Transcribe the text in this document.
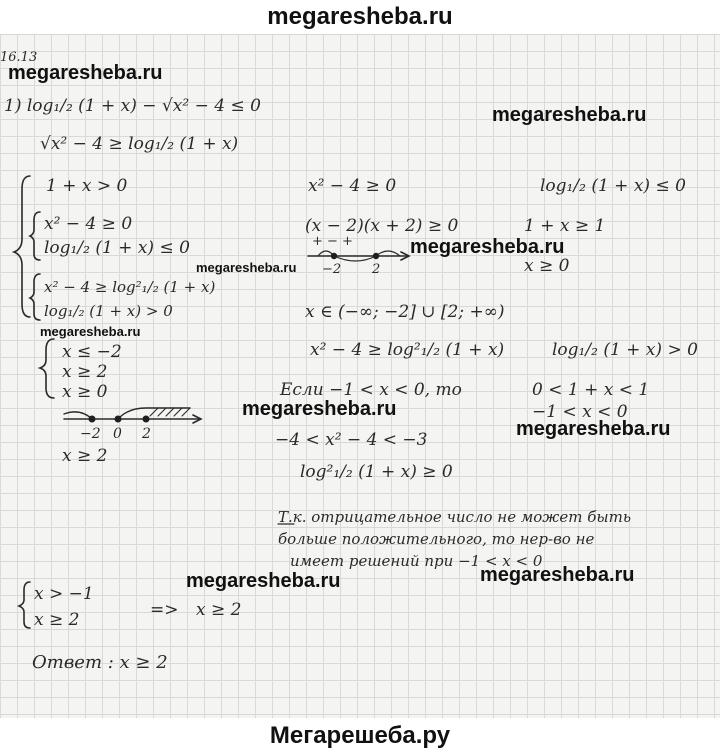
megaresheba.ru
16.13
1) log₁/₂ (1 + x) − √x² − 4 ≤ 0
√x² − 4 ≥ log₁/₂ (1 + x)
1 + x > 0
x² − 4 ≥ 0
log₁/₂ (1 + x) ≤ 0
x² − 4 ≥ log²₁/₂ (1 + x)
log₁/₂ (1 + x) > 0
x² − 4 ≥ 0
(x − 2)(x + 2) ≥ 0
+ − +
−2 2
log₁/₂ (1 + x) ≤ 0
1 + x ≥ 1
x ≥ 0
x ∈ (−∞; −2] ∪ [2; +∞)
x² − 4 ≥ log²₁/₂ (1 + x)	log₁/₂ (1 + x) > 0
Если −1 < x < 0, то	0 < 1 + x < 1
−1 < x < 0
−4 < x² − 4 < −3
log²₁/₂ (1 + x) ≥ 0
x ≤ −2
x ≥ 2
x ≥ 0
−2 0 2
x ≥ 2
Т.к. отрицательное число не может быть
больше положительного, то нер-во не
имеет решений при −1 < x < 0
x > −1
x ≥ 2	=> x ≥ 2
Ответ : x ≥ 2
megaresheba.ru
megaresheba.ru
megaresheba.ru
megaresheba.ru
megaresheba.ru
megaresheba.ru
megaresheba.ru
megaresheba.ru	megaresheba.ru
Мегарешеба.ру
